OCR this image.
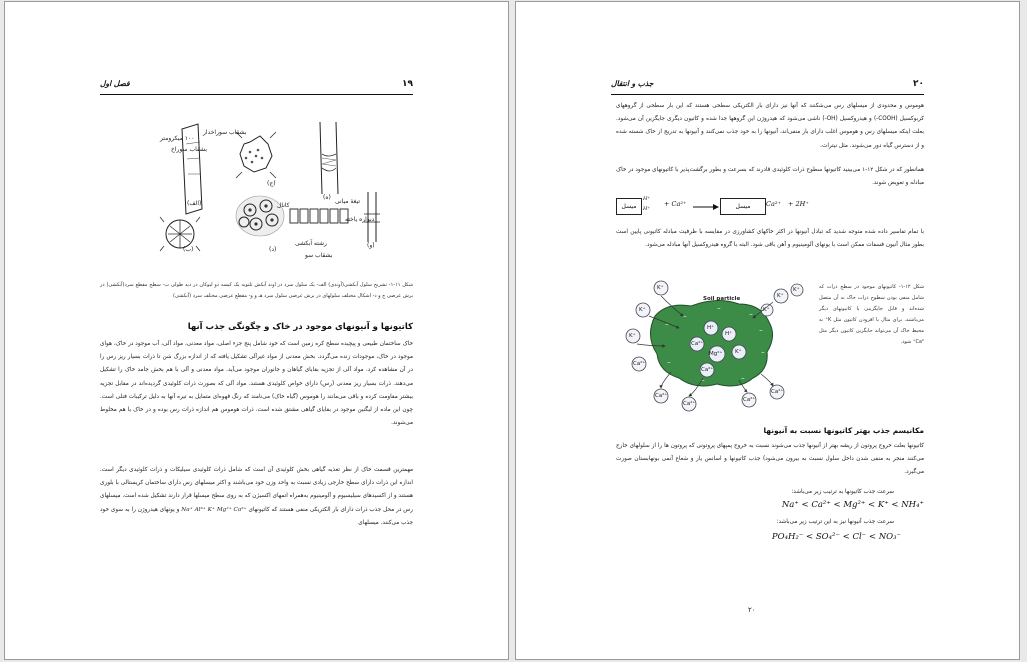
۱۹
فصل اول
۱۰۰ میکرومتر
بشقاب سوراخدار
بشقاب سوراخ
(الف)
(ب)
(ج)
کانال
(د)
رشته آبکشی
بشقاب سو
(ه)
تیغهٔ میانی
دیواره یاخته
(و)
شکل ۱۱-۱- تشریح سلول آبکشی(آوندی) الف- یک سلول سرد در اوند آبکش تلتوبه یک کیسه دو لیوکان در دید طولی ب- سطح مقطع سرد(آبکشی) در برش عرضی ج و د- اشکال مختلف سلولهای در برش عرضی سلول سرد هـ و و- مقطع عرضی مختلف سرد (آبکشی)
کاتیونها و آنیونهای موجود در خاک و چگونگی جذب آنها
خاک ساختمان طبیعی و پیچیده سطح کره زمین است که خود شامل پنج جزء اصلی، مواد معدنی، مواد آلی، آب موجود در خاک، هوای موجود در خاک، موجودات زنده می‌گردد. بخش معدنی از مواد غیرآلی تشکیل یافته که از اندازه بزرگ شن تا ذرات بسیار ریز رس را در آن مشاهده کرد. مواد آلی از تجزیه بقایای گیاهان و جانوران موجود می‌آید. مواد معدنی و آلی با هم بخش جامد خاک را تشکیل می‌دهند. ذرات بسیار ریز معدنی (رس) دارای خواص کلوئیدی هستند. مواد آلی که بصورت ذرات کلوئیدی گردیده‌اند در مقابل تجزیه بیشتر مقاومت کرده و باقی می‌مانند را هوموس (گیاه خاک) می‌نامند که رنگ قهوه‌ای متمایل به تیره آنها به دلیل ترکیبات فنلی است. چون این ماده از لیگنین موجود در بقایای گیاهی مشتق شده است. ذرات هوموس هم اندازه ذرات رس بوده و در خاک با هم مخلوط می‌شوند.
مهمترین قسمت خاک از نظر تغذیه گیاهی بخش کلوئیدی آن است که شامل ذرات کلوئیدی سیلیکات و ذرات کلوئیدی دیگر است. اندازه این ذرات دارای سطح خارجی زیادی نسبت به واحد وزن خود می‌باشند و اکثر میسلهای رس دارای ساختمان کریستالی با بلوری هستند و از اکسیدهای سیلیسیوم و آلومینیوم به‌همراه اتمهای اکسیژن که به روی سطح میسلها قرار دارند تشکیل شده است. میسلهای رس در محل جذب ذرات دارای بار الکتریکی منفی هستند که کاتیونهای Na⁺ Al³⁺ K⁺ Mg²⁺ Ca²⁺ و یونهای هیدروژن را به سوی خود جذب می‌کنند. میسلهای
۲۰
جذب و انتقال
هوموس و محدودی از میسلهای رس می‌شکنند که آنها نیز دارای بار الکتریکی سطحی هستند که این بار سطحی از گروههای کربوکسیل (COOH-) و هیدروکسیل (OH-) ناشی می‌شود که هیدروژن این گروهها جدا شده و کاتیون دیگری جایگزین آن می‌شود. بعلت اینکه میسلهای رس و هوموس اغلب دارای بار منفی‌اند، آنیونها را به خود جذب نمی‌کنند و آنیونها به تدریج از خاک شسته شده و از دسترس گیاه دور می‌شوند. مثل نیترات.
همانطور که در شکل ۱۲-۱ می‌بینید کاتیونها سطوح ذرات کلوئیدی قادرند که بسرعت و بطور برگشت‌پذیر با کاتیونهای موجود در خاک مبادله و تعویض شوند.
میسل
H⁺
H⁺
+ Ca²⁺ →	میسل	Ca²⁺ + 2H⁺
با تمام تفاسیر داده شده متوجه شدید که تبادل آنیونها در اکثر خاکهای کشاورزی در مقایسه با ظرفیت مبادله کاتیونی پایین است بطور مثال آنیون فسفات ممکن است با یونهای آلومینیوم و آهن باقی شود. البته با گروه هیدروکسیل آنها مبادله می‌شود.
−
−
−
−
−
−
−
−
−
Soil particle
H⁺
H⁺
Ca²⁺
Mg²⁺ K⁺
Ca²⁺
K⁺
K⁺
K⁺
K⁺
K⁺
K⁺
Ca²⁺
Ca²⁺
Ca²⁺
Ca²⁺
Ca²⁺
شکل ۱۲-۱- کاتیونهای موجود در سطح ذرات که شامل منفی بودن سطوح ذرات خاک به آن متصل شده‌اند و قابل جایگزینی با کاتیونهای دیگر می‌باشند. برای مثال با افزودن کاتیون مثل K⁺ به محیط خاک آن می‌تواند جایگزین کاتیون دیگر مثل Ca²⁺ شود.
مکانیسم جذب بهتر کاتیونها نسبت به آنیونها
کاتیونها بعلت خروج پروتون از ریشه بهتر از آنیونها جذب می‌شوند نسبت به خروج پمپهای پروتونی که پروتون ها را از سلولهای خارج می‌کنند منجر به منفی شدن داخل سلول نسبت به بیرون می‌شود) جذب کاتیونها و اسانس یار و شعاع آنمی بونهابستان صورت می‌گیرد.
سرعت جذب کاتیونها به ترتیب زیر می‌باشد:
Na⁺ < Ca²⁺ < Mg²⁺ < K⁺ < NH₄⁺
سرعت جذب آنیونها نیز به این ترتیب زیر می‌باشد:
PO₄H₂⁻ < SO₄²⁻ < Cl⁻ < NO₃⁻
۲۰
